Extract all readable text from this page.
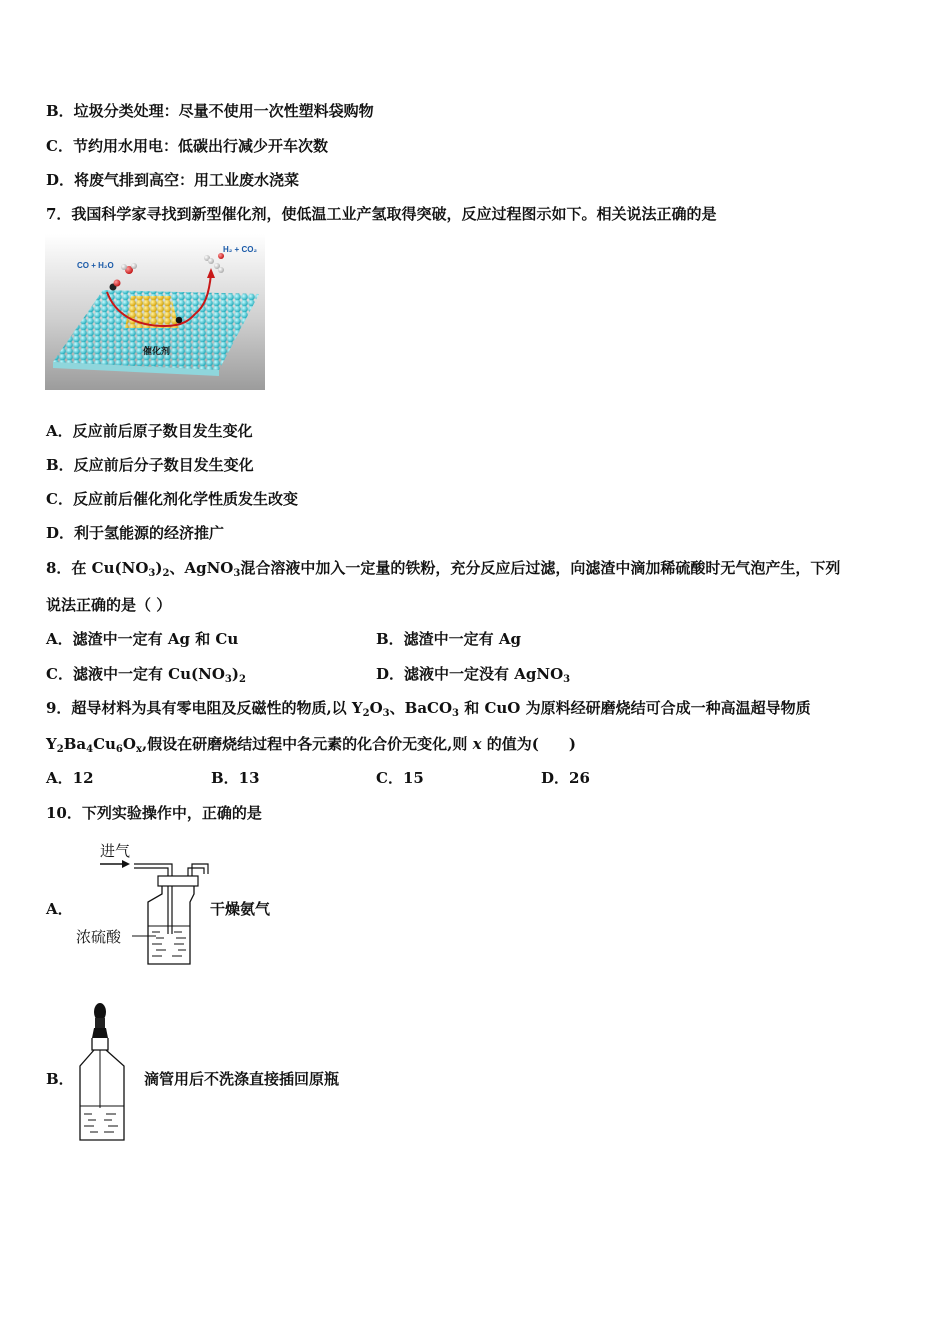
B．垃圾分类处理：尽量不使用一次性塑料袋购物
C．节约用水用电：低碳出行减少开车次数
D．将废气排到高空：用工业废水浇菜
7．我国科学家寻找到新型催化剂，使低温工业产氢取得突破，反应过程图示如下。相关说法正确的是
CO + H₂O
H₂ + CO₂
催化剂
A．反应前后原子数目发生变化
B．反应前后分子数目发生变化
C．反应前后催化剂化学性质发生改变
D．利于氢能源的经济推广
8．在 $Cu(NO_3)_2$、AgNO$_3$混合溶液中加入一定量的铁粉，充分反应后过滤，向滤渣中滴加稀硫酸时无气泡产生，下列
说法正确的是（ ）
A．滤渣中一定有 Ag 和 Cu	B．滤渣中一定有 Ag
C．滤液中一定有 $Cu(NO_3)_2$	D．滤液中一定没有 AgNO$_3$
9．超导材料为具有零电阻及反磁性的物质,以 $Y_2O_3$、BaCO$_3$ 和 CuO 为原料经研磨烧结可合成一种高温超导物质
$Y_2Ba_4Cu_6O_x$,假设在研磨烧结过程中各元素的化合价无变化,则 x 的值为(　　)
A．12	B．13	C．15	D．26
10．下列实验操作中，正确的是
A．
进气
浓硫酸
干燥氨气
B．	滴管用后不洗涤直接插回原瓶
